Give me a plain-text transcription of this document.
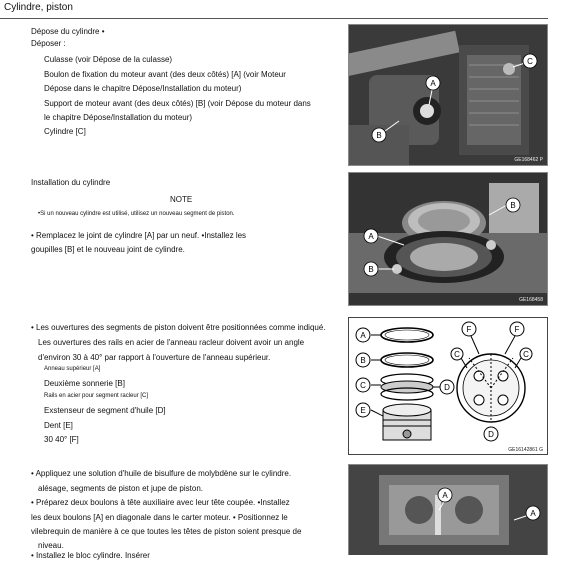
Cylindre, piston
Dépose du cylindre •
Déposer :
Culasse (voir Dépose de la culasse)
Boulon de fixation du moteur avant (des deux côtés) [A] (voir Moteur
Dépose dans le chapitre Dépose/Installation du moteur)
Support de moteur avant (des deux côtés) [B] (voir Dépose du moteur dans
le chapitre Dépose/Installation du moteur)
Cylindre [C]
A
B
C
GE168462 P
Installation du cylindre
NOTE
•Si un nouveau cylindre est utilisé, utilisez un nouveau segment de piston.
• Remplacez le joint de cylindre [A] par un neuf. •Installez les
goupilles [B] et le nouveau joint de cylindre.
A
B
B
GE168458
• Les ouvertures des segments de piston doivent être positionnées comme indiqué.
Les ouvertures des rails en acier de l'anneau racleur doivent avoir un angle
d'environ 30 à 40° par rapport à l'ouverture de l'anneau supérieur.
Anneau supérieur [A]
Deuxième sonnerie [B]
Rails en acier pour segment racleur [C]
Exstenseur de segment d'huile [D]
Dent [E]
30 40° [F]
A
B
C	D
E
F	F
C	C
D
GE16142861 G
• Appliquez une solution d'huile de bisulfure de molybdène sur le cylindre.
alésage, segments de piston et jupe de piston.
• Préparez deux boulons à tête auxiliaire avec leur tête coupée. •Installez
les deux boulons [A] en diagonale dans le carter moteur. • Positionnez le
vilebrequin de manière à ce que toutes les têtes de piston soient presque de
niveau.
• Installez le bloc cylindre. Insérer
A
A
